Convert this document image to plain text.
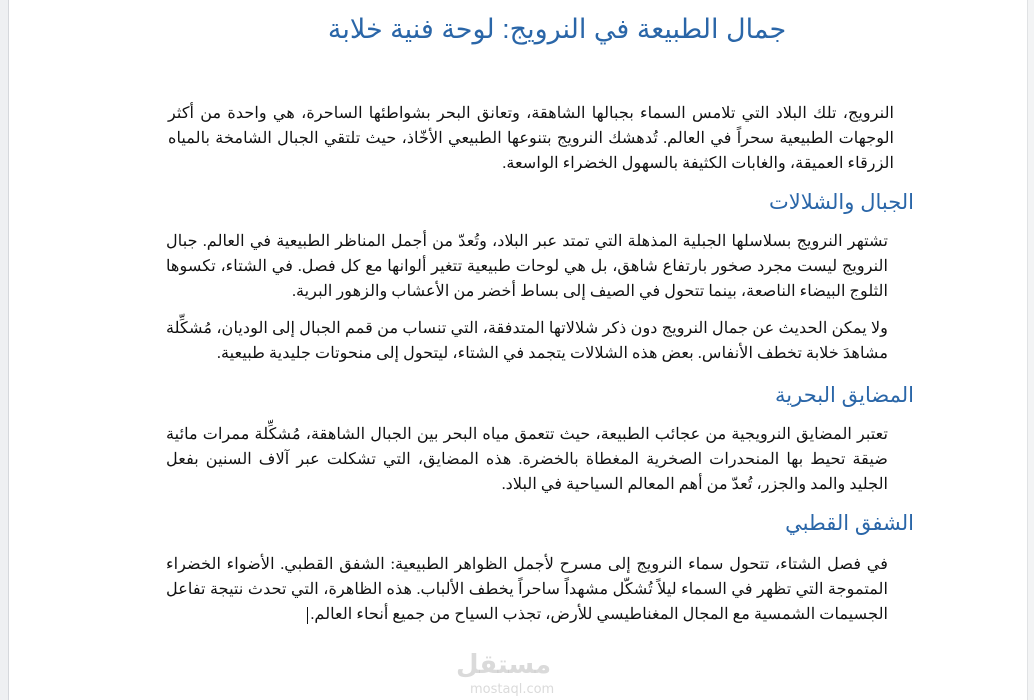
جمال الطبيعة في النرويج: لوحة فنية خلابة

النرويج، تلك البلاد التي تلامس السماء بجبالها الشاهقة، وتعانق البحر بشواطئها الساحرة، هي واحدة من أكثر الوجهات الطبيعية سحراً في العالم. تُدهشك النرويج بتنوعها الطبيعي الأخّاذ، حيث تلتقي الجبال الشامخة بالمياه الزرقاء العميقة، والغابات الكثيفة بالسهول الخضراء الواسعة.

الجبال والشلالات

تشتهر النرويج بسلاسلها الجبلية المذهلة التي تمتد عبر البلاد، وتُعدّ من أجمل المناظر الطبيعية في العالم. جبال النرويج ليست مجرد صخور بارتفاع شاهق، بل هي لوحات طبيعية تتغير ألوانها مع كل فصل. في الشتاء، تكسوها الثلوج البيضاء الناصعة، بينما تتحول في الصيف إلى بساط أخضر من الأعشاب والزهور البرية.

ولا يمكن الحديث عن جمال النرويج دون ذكر شلالاتها المتدفقة، التي تنساب من قمم الجبال إلى الوديان، مُشكِّلة مشاهدَ خلابة تخطف الأنفاس. بعض هذه الشلالات يتجمد في الشتاء، ليتحول إلى منحوتات جليدية طبيعية.

المضايق البحرية

تعتبر المضايق النرويجية من عجائب الطبيعة، حيث تتعمق مياه البحر بين الجبال الشاهقة، مُشكِّلة ممرات مائية ضيقة تحيط بها المنحدرات الصخرية المغطاة بالخضرة. هذه المضايق، التي تشكلت عبر آلاف السنين بفعل الجليد والمد والجزر، تُعدّ من أهم المعالم السياحية في البلاد.

الشفق القطبي

في فصل الشتاء، تتحول سماء النرويج إلى مسرح لأجمل الظواهر الطبيعية: الشفق القطبي. الأضواء الخضراء المتموجة التي تظهر في السماء ليلاً تُشكّل مشهداً ساحراً يخطف الألباب. هذه الظاهرة، التي تحدث نتيجة تفاعل الجسيمات الشمسية مع المجال المغناطيسي للأرض، تجذب السياح من جميع أنحاء العالم.

مستقل
mostaql.com
